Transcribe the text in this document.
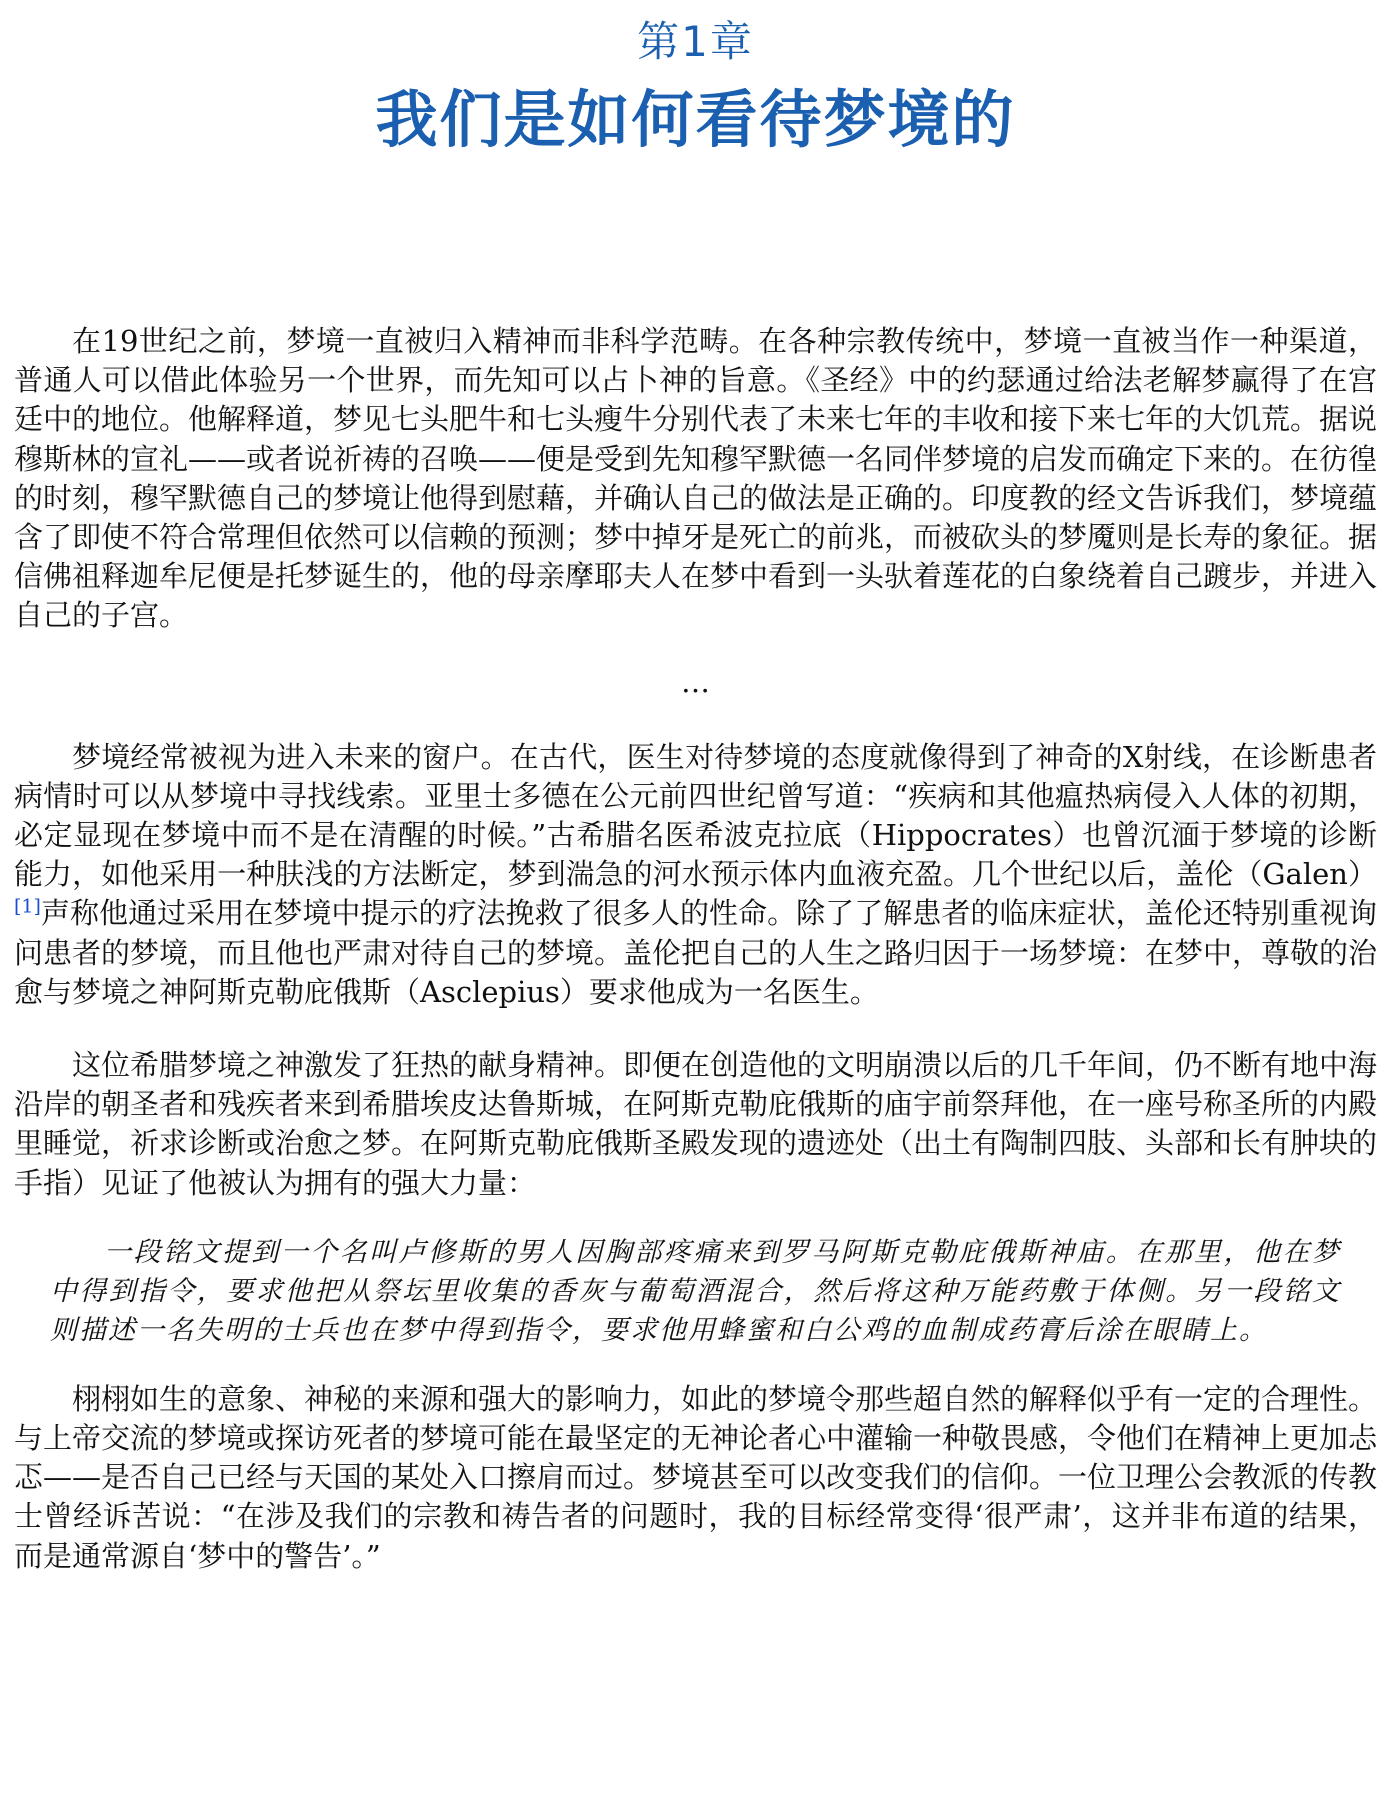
第1章
我们是如何看待梦境的

在19世纪之前，梦境一直被归入精神而非科学范畴。在各种宗教传统中，梦境一直被当作一种渠道，普通人可以借此体验另一个世界，而先知可以占卜神的旨意。《圣经》中的约瑟通过给法老解梦赢得了在宫廷中的地位。他解释道，梦见七头肥牛和七头瘦牛分别代表了未来七年的丰收和接下来七年的大饥荒。据说穆斯林的宣礼——或者说祈祷的召唤——便是受到先知穆罕默德一名同伴梦境的启发而确定下来的。在彷徨的时刻，穆罕默德自己的梦境让他得到慰藉，并确认自己的做法是正确的。印度教的经文告诉我们，梦境蕴含了即使不符合常理但依然可以信赖的预测；梦中掉牙是死亡的前兆，而被砍头的梦魇则是长寿的象征。据信佛祖释迦牟尼便是托梦诞生的，他的母亲摩耶夫人在梦中看到一头驮着莲花的白象绕着自己踱步，并进入自己的子宫。

…

梦境经常被视为进入未来的窗户。在古代，医生对待梦境的态度就像得到了神奇的X射线，在诊断患者病情时可以从梦境中寻找线索。亚里士多德在公元前四世纪曾写道：“疾病和其他瘟热病侵入人体的初期，必定显现在梦境中而不是在清醒的时候。”古希腊名医希波克拉底（Hippocrates）也曾沉湎于梦境的诊断能力，如他采用一种肤浅的方法断定，梦到湍急的河水预示体内血液充盈。几个世纪以后，盖伦（Galen）[1]声称他通过采用在梦境中提示的疗法挽救了很多人的性命。除了了解患者的临床症状，盖伦还特别重视询问患者的梦境，而且他也严肃对待自己的梦境。盖伦把自己的人生之路归因于一场梦境：在梦中，尊敬的治愈与梦境之神阿斯克勒庇俄斯（Asclepius）要求他成为一名医生。

这位希腊梦境之神激发了狂热的献身精神。即便在创造他的文明崩溃以后的几千年间，仍不断有地中海沿岸的朝圣者和残疾者来到希腊埃皮达鲁斯城，在阿斯克勒庇俄斯的庙宇前祭拜他，在一座号称圣所的内殿里睡觉，祈求诊断或治愈之梦。在阿斯克勒庇俄斯圣殿发现的遗迹处（出土有陶制四肢、头部和长有肿块的手指）见证了他被认为拥有的强大力量：

一段铭文提到一个名叫卢修斯的男人因胸部疼痛来到罗马阿斯克勒庇俄斯神庙。在那里，他在梦中得到指令，要求他把从祭坛里收集的香灰与葡萄酒混合，然后将这种万能药敷于体侧。另一段铭文则描述一名失明的士兵也在梦中得到指令，要求他用蜂蜜和白公鸡的血制成药膏后涂在眼睛上。

栩栩如生的意象、神秘的来源和强大的影响力，如此的梦境令那些超自然的解释似乎有一定的合理性。与上帝交流的梦境或探访死者的梦境可能在最坚定的无神论者心中灌输一种敬畏感，令他们在精神上更加忐忑——是否自己已经与天国的某处入口擦肩而过。梦境甚至可以改变我们的信仰。一位卫理公会教派的传教士曾经诉苦说：“在涉及我们的宗教和祷告者的问题时，我的目标经常变得‘很严肃’，这并非布道的结果，而是通常源自‘梦中的警告’。”
